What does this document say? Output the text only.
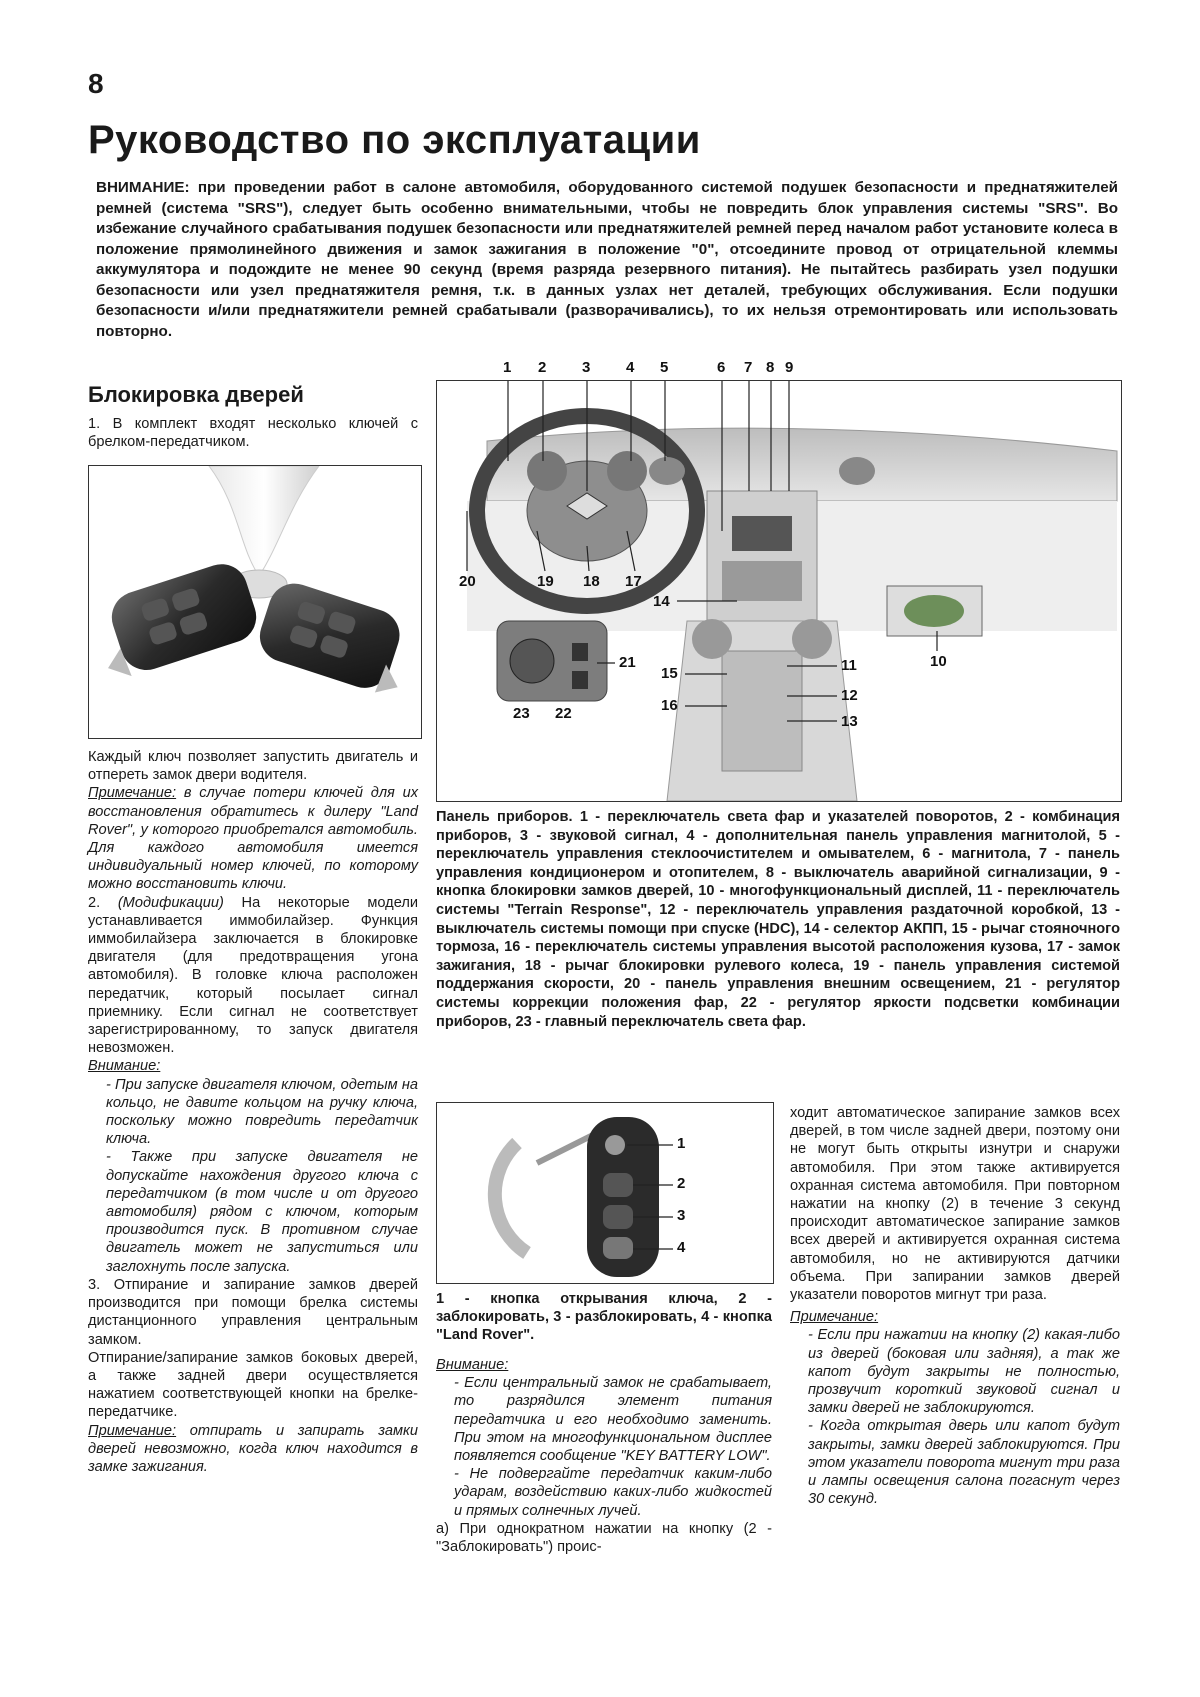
8
Руководство по эксплуатации
ВНИМАНИЕ: при проведении работ в салоне автомобиля, оборудованного системой подушек безопасности и преднатяжителей ремней (система "SRS"), следует быть особенно внимательными, чтобы не повредить блок управления системы "SRS". Во избежание случайного срабатывания подушек безопасности или преднатяжителей ремней перед началом работ установите колеса в положение прямолинейного движения и замок зажигания в положение "0", отсоедините провод от отрицательной клеммы аккумулятора и подождите не менее 90 секунд (время разряда резервного питания). Не пытайтесь разбирать узел подушки безопасности или узел преднатяжителя ремня, т.к. в данных узлах нет деталей, требующих обслуживания. Если подушки безопасности и/или преднатяжители ремней срабатывали (разворачивались), то их нельзя отремонтировать или использовать повторно.
Блокировка дверей

1. В комплект входят несколько ключей с брелком-передатчиком.

Каждый ключ позволяет запустить двигатель и отпереть замок двери водителя.

Примечание: в случае потери ключей для их восстановления обратитесь к дилеру "Land Rover", у которого приобретался автомобиль. Для каждого автомобиля имеется индивидуальный номер ключей, по которому можно восстановить ключи.

2. (Модификации) На некоторые модели устанавливается иммобилайзер. Функция иммобилайзера заключается в блокировке двигателя (для предотвращения угона автомобиля). В головке ключа расположен передатчик, который посылает сигнал приемнику. Если сигнал не соответствует зарегистрированному, то запуск двигателя невозможен.

Внимание:

- При запуске двигателя ключом, одетым на кольцо, не давите кольцом на ручку ключа, поскольку можно повредить передатчик ключа.

- Также при запуске двигателя не допускайте нахождения другого ключа с передатчиком (в том числе и от другого автомобиля) рядом с ключом, которым производится пуск. В противном случае двигатель может не запуститься или заглохнуть после запуска.

3. Отпирание и запирание замков дверей производится при помощи брелка системы дистанционного управления центральным замком.

Отпирание/запирание замков боковых дверей, а также задней двери осуществляется нажатием соответствующей кнопки на брелке-передатчике.

Примечание: отпирать и запирать замки дверей невозможно, когда ключ находится в замке зажигания.

1 2 3 4 5	6 7 8 9
10
11
12
13
14
15
16
17
18
19
20
21
22
23
Панель приборов. 1 - переключатель света фар и указателей поворотов, 2 - комбинация приборов, 3 - звуковой сигнал, 4 - дополнительная панель управления магнитолой, 5 - переключатель управления стеклоочистителем и омывателем, 6 - магнитола, 7 - панель управления кондиционером и отопителем, 8 - выключатель аварийной сигнализации, 9 - кнопка блокировки замков дверей, 10 - многофункциональный дисплей, 11 - переключатель системы "Terrain Response", 12 - переключатель управления раздаточной коробкой, 13 - выключатель системы помощи при спуске (HDC), 14 - селектор АКПП, 15 - рычаг стояночного тормоза, 16 - переключатель системы управления высотой расположения кузова, 17 - замок зажигания, 18 - рычаг блокировки рулевого колеса, 19 - панель управления системой поддержания скорости, 20 - панель управления внешним освещением, 21 - регулятор системы коррекции положения фар, 22 - регулятор яркости подсветки комбинации приборов, 23 - главный переключатель света фар.
1
2
3
4
1 - кнопка открывания ключа, 2 - заблокировать, 3 - разблокировать, 4 - кнопка "Land Rover".

Внимание:

- Если центральный замок не срабатывает, то разрядился элемент питания передатчика и его необходимо заменить. При этом на многофункциональном дисплее появляется сообщение "KEY BATTERY LOW".

- Не подвергайте передатчик каким-либо ударам, воздействию каких-либо жидкостей и прямых солнечных лучей.

а) При однократном нажатии на кнопку (2 - "Заблокировать") проис-

ходит автоматическое запирание замков всех дверей, в том числе задней двери, поэтому они не могут быть открыты изнутри и снаружи автомобиля. При этом также активируется охранная система автомобиля. При повторном нажатии на кнопку (2) в течение 3 секунд происходит автоматическое запирание замков всех дверей и активируется охранная система автомобиля, но не активируются датчики объема. При запирании замков дверей указатели поворотов мигнут три раза.

Примечание:

- Если при нажатии на кнопку (2) какая-либо из дверей (боковая или задняя), а так же капот будут закрыты не полностью, прозвучит короткий звуковой сигнал и замки дверей не заблокируются.

- Когда открытая дверь или капот будут закрыты, замки дверей заблокируются. При этом указатели поворота мигнут три раза и лампы освещения салона погаснут через 30 секунд.
